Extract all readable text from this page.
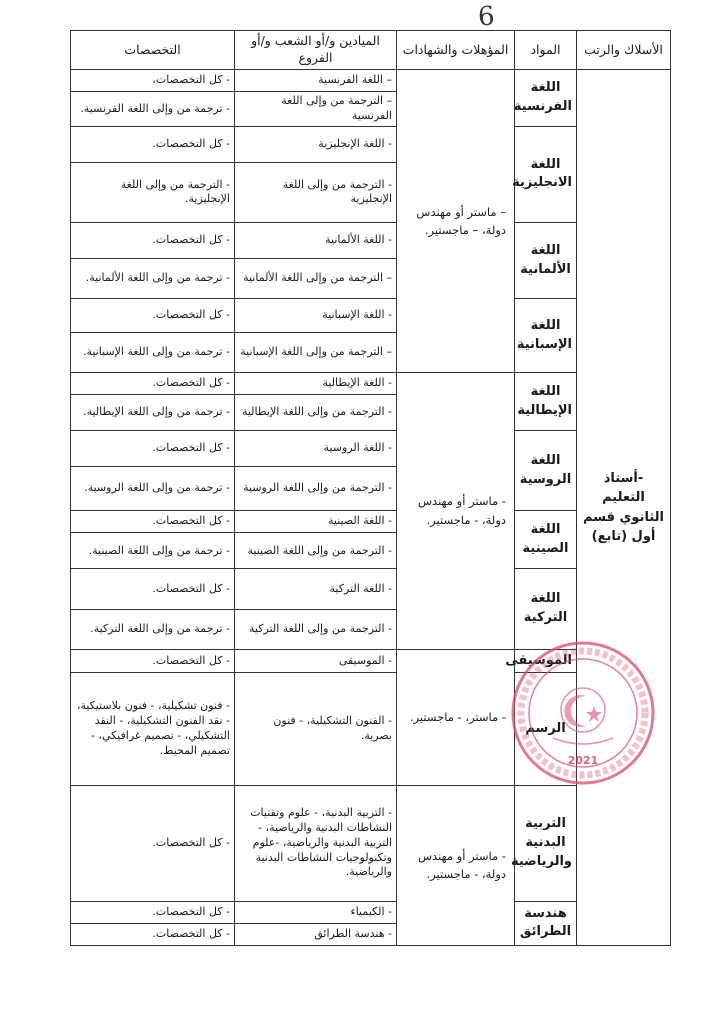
6
الأسلاك والرتب	المواد	المؤهلات والشهادات	الميادين و/أو الشعب و/أو الفروع	التخصصات
-أستاذ التعليم الثانوي قسم أول (تابع)	اللغة الفرنسية	– ماستر أو مهندس دولة، – ماجستير.	– اللغة الفرنسية	- كل التخصصات،
			– الترجمة من وإلى اللغة الفرنسية	- ترجمة من وإلى اللغة الفرنسية.
	اللغة الانجليزية		- اللغة الإنجليزية	- كل التخصصات.
			- الترجمة من وإلى اللغة الإنجليزية	- الترجمة من وإلى اللغة الإنجليزية.
	اللغة الألمانية		- اللغة الألمانية	- كل التخصصات.
			– الترجمة من وإلى اللغة الألمانية	- ترجمة من وإلى اللغة الألمانية.
	اللغة الإسبانية		- اللغة الإسبانية	- كل التخصصات.
			– الترجمة من وإلى اللغة الإسبانية	- ترجمة من وإلى اللغة الإسبانية.
	اللغة الإيطالية	- ماستر أو مهندس دولة، - ماجستير.	- اللغة الإيطالية	- كل التخصصات.
			- الترجمة من وإلى اللغة الإيطالية	- ترجمة من وإلى اللغة الإيطالية.
	اللغة الروسية		- اللغة الروسية	- كل التخصصات.
			- الترجمة من وإلى اللغة الروسية	- ترجمة من وإلى اللغة الروسية.
	اللغة الصينية		- اللغة الصينية	- كل التخصصات.
			- الترجمة من وإلى اللغة الصينية	- ترجمة من وإلى اللغة الصينية.
	اللغة التركية		- اللغة التركية	- كل التخصصات.
			- الترجمة من وإلى اللغة التركية	- ترجمة من وإلى اللغة التركية.
	الموسيقى	- ماستر، - ماجستير.	- الموسيقى	- كل التخصصات.
	الرسم		- الفنون التشكيلية، - فنون بصرية.	- فنون تشكيلية، - فنون بلاستيكية، - نقد الفنون التشكيلية، - النقد التشكيلي، - تصميم غرافيكي، - تصميم المحيط.
	التربية البدنية والرياضية	- ماستر أو مهندس دولة، - ماجستير.	- التربية البدنية، - علوم وتقنيات النشاطات البدنية والرياضية، - التربية البدنية والرياضية، -علوم وتكنولوجيات النشاطات البدنية والرياضية.	- كل التخصصات.
	هندسة الطرائق		- الكيمياء	- كل التخصصات.
			- هندسة الطرائق	- كل التخصصات.
2021
